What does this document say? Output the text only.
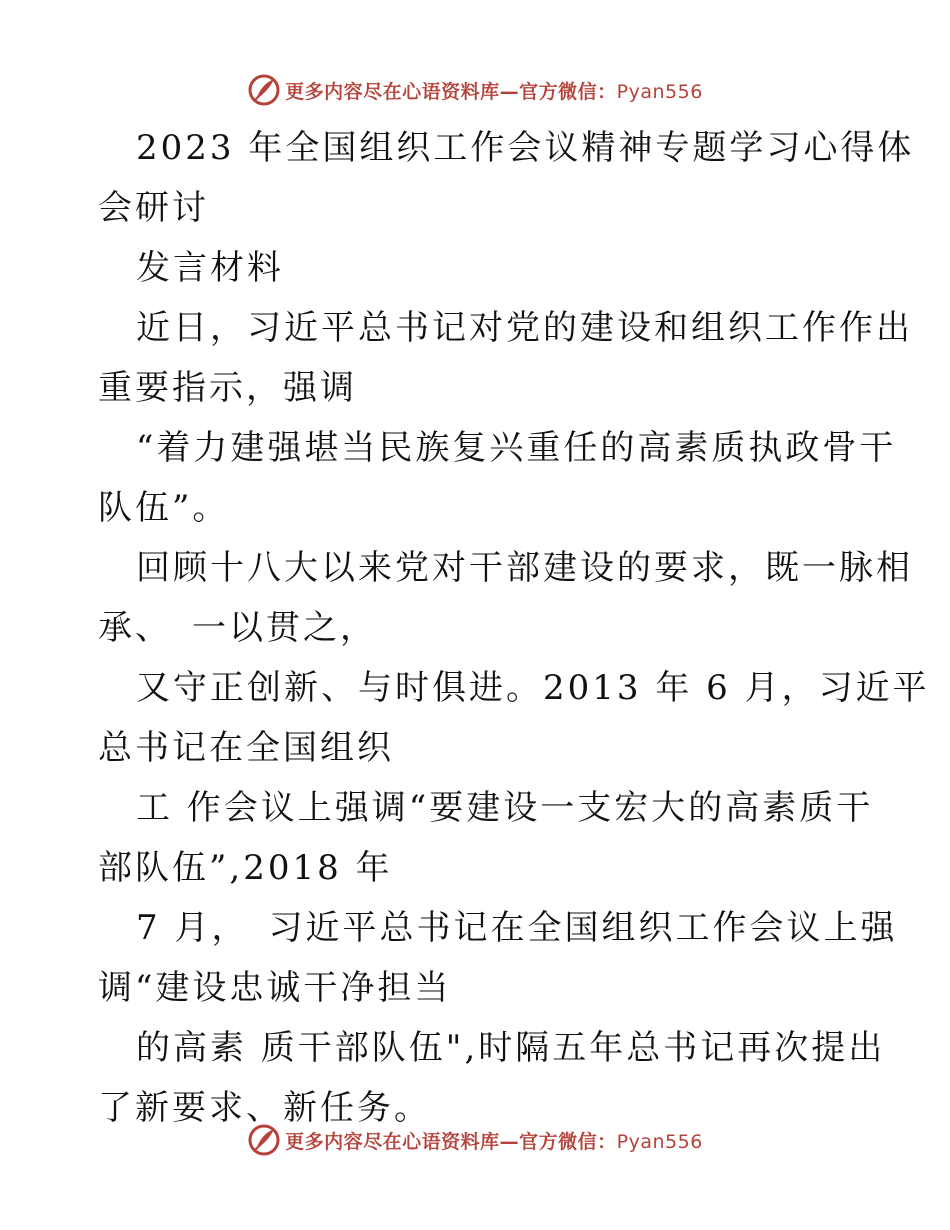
更多内容尽在心语资料库—官方微信：Pyan556

2023 年全国组织工作会议精神专题学习心得体

会研讨

发言材料

近日，习近平总书记对党的建设和组织工作作出

重要指示，强调

“着力建强堪当民族复兴重任的高素质执政骨干

队伍”。

回顾十八大以来党对干部建设的要求，既一脉相

承、　一以贯之，

又守正创新、与时俱进。2013 年 6 月，习近平

总书记在全国组织

工 作会议上强调“要建设一支宏大的高素质干

部队伍”,2018 年

7 月，　习近平总书记在全国组织工作会议上强

调“建设忠诚干净担当

的高素 质干部队伍",时隔五年总书记再次提出

了新要求、新任务。

更多内容尽在心语资料库—官方微信：Pyan556
